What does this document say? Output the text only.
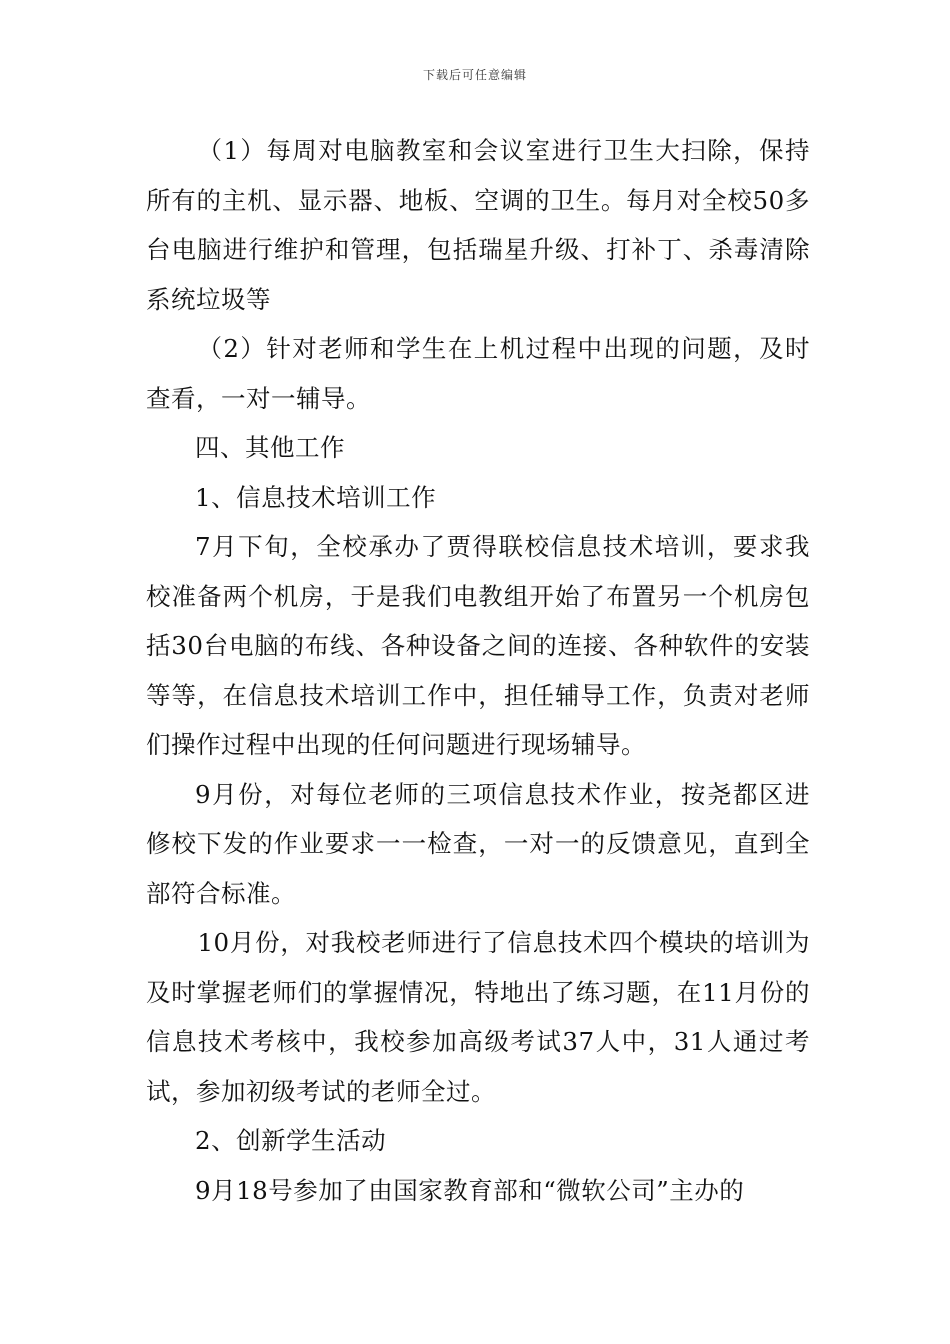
下载后可任意编辑

（1）每周对电脑教室和会议室进行卫生大扫除，保持所有的主机、显示器、地板、空调的卫生。每月对全校50多台电脑进行维护和管理，包括瑞星升级、打补丁、杀毒清除系统垃圾等

（2）针对老师和学生在上机过程中出现的问题，及时查看，一对一辅导。

四、其他工作

1、信息技术培训工作

7月下旬，全校承办了贾得联校信息技术培训，要求我校准备两个机房，于是我们电教组开始了布置另一个机房包括30台电脑的布线、各种设备之间的连接、各种软件的安装等等，在信息技术培训工作中，担任辅导工作，负责对老师们操作过程中出现的任何问题进行现场辅导。

9月份，对每位老师的三项信息技术作业，按尧都区进修校下发的作业要求一一检查，一对一的反馈意见，直到全部符合标准。

10月份，对我校老师进行了信息技术四个模块的培训为及时掌握老师们的掌握情况，特地出了练习题，在11月份的信息技术考核中，我校参加高级考试37人中，31人通过考试，参加初级考试的老师全过。

2、创新学生活动

9月18号参加了由国家教育部和“微软公司”主办的
